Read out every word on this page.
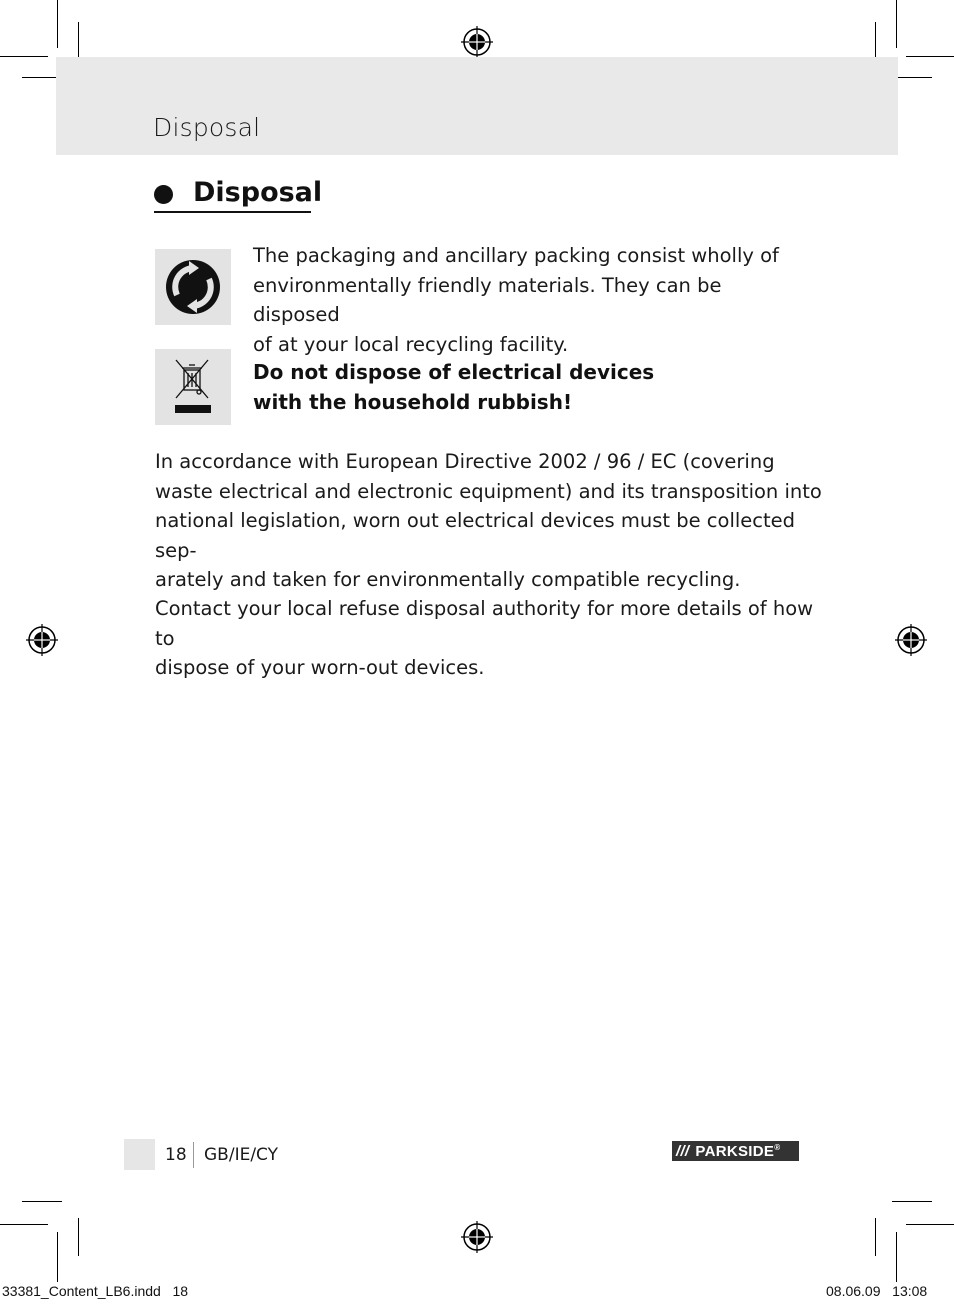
Disposal
Disposal
The packaging and ancillary packing consist wholly of
environmentally friendly materials. They can be disposed
of at your local recycling facility.
Do not dispose of electrical devices
with the household rubbish!
In accordance with European Directive 2002 / 96 / EC (covering
waste electrical and electronic equipment) and its transposition into
national legislation, worn out electrical devices must be collected sep-
arately and taken for environmentally compatible recycling.
Contact your local refuse disposal authority for more details of how to
dispose of your worn-out devices.
18 GB/IE/CY	/// PARKSIDE ®
33381_Content_LB6.indd   18	08.06.09   13:08
